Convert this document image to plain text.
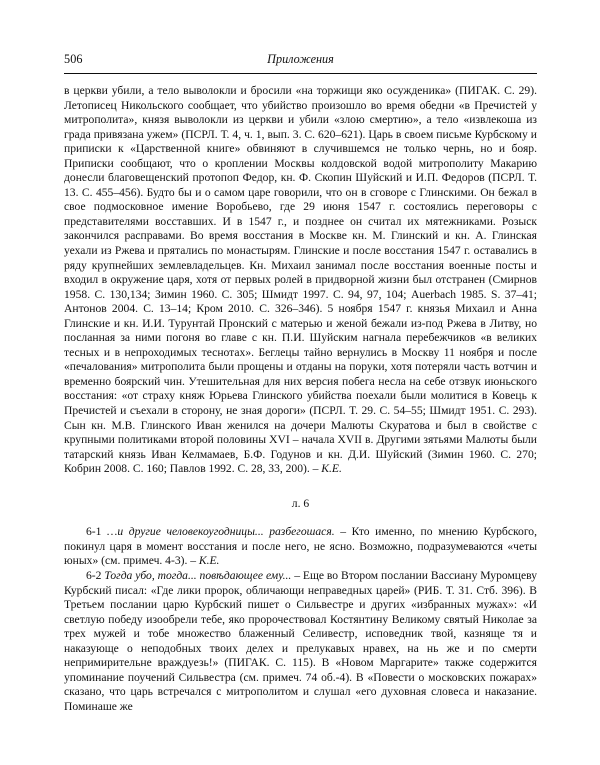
506	Приложения

в церкви убили, а тело выволокли и бросили «на торжищи яко осужденика» (ПИГАК. С. 29). Летописец Никольского сообщает, что убийство произошло во время обедни «в Пречистей у митрополита», князя выволокли из церкви и убили «злою смертию», а тело «извлекоша из града привязана ужем» (ПСРЛ. Т. 4, ч. 1, вып. 3. С. 620–621). Царь в своем письме Курбскому и приписки к «Царственной книге» обвиняют в случившемся не только чернь, но и бояр. Приписки сообщают, что о кроплении Москвы колдовской водой митрополиту Макарию донесли благовещенский протопоп Федор, кн. Ф. Скопин Шуйский и И.П. Федоров (ПСРЛ. Т. 13. С. 455–456). Будто бы и о самом царе говорили, что он в сговоре с Глинскими. Он бежал в свое подмосковное имение Воробьево, где 29 июня 1547 г. состоялись переговоры с представителями восставших. И в 1547 г., и позднее он считал их мятежниками. Розыск закончился расправами. Во время восстания в Москве кн. М. Глинский и кн. А. Глинская уехали из Ржева и прятались по монастырям. Глинские и после восстания 1547 г. оставались в ряду крупнейших землевладельцев. Кн. Михаил занимал после восстания военные посты и входил в окружение царя, хотя от первых ролей в придворной жизни был отстранен (Смирнов 1958. С. 130,134; Зимин 1960. С. 305; Шмидт 1997. С. 94, 97, 104; Auerbach 1985. S. 37–41; Антонов 2004. С. 13–14; Кром 2010. С. 326–346). 5 ноября 1547 г. князья Михаил и Анна Глинские и кн. И.И. Турунтай Пронский с матерью и женой бежали из-под Ржева в Литву, но посланная за ними погоня во главе с кн. П.И. Шуйским нагнала перебежчиков «в великих тесных и в непроходимых теснотах». Беглецы тайно вернулись в Москву 11 ноября и после «печалования» митрополита были прощены и отданы на поруки, хотя потеряли часть вотчин и временно боярский чин. Утешительная для них версия побега несла на себе отзвук июньского восстания: «от страху княж Юрьева Глинского убийства поехали были молитися в Ковець к Пречистей и съехали в сторону, не зная дороги» (ПСРЛ. Т. 29. С. 54–55; Шмидт 1951. С. 293). Сын кн. М.В. Глинского Иван женился на дочери Малюты Скуратова и был в свойстве с крупными политиками второй половины XVI – начала XVII в. Другими зятьями Малюты были татарский князь Иван Келмамаев, Б.Ф. Годунов и кн. Д.И. Шуйский (Зимин 1960. С. 270; Кобрин 2008. С. 160; Павлов 1992. С. 28, 33, 200). – К.Е.

л. 6

6-1 …и другие человекоугодницы... разбегошася. – Кто именно, по мнению Курбского, покинул царя в момент восстания и после него, не ясно. Возможно, подразумеваются «четы юных» (см. примеч. 4-3). – К.Е.

6-2 Тогда убо, тогда... повѣдающее ему... – Еще во Втором послании Вассиану Муромцеву Курбский писал: «Где лики пророк, обличающи неправедных царей» (РИБ. Т. 31. Стб. 396). В Третьем послании царю Курбский пишет о Сильвестре и других «избранных мужах»: «И светлую победу изообрели тебе, яко пророчествовал Костянтину Великому святый Николае за трех мужей и тобе множество блаженный Селивестр, исповедник твой, казняще тя и наказующе о неподобных твоих делех и прелукавых нравех, на нь же и по смерти непримирительне враждуезь!» (ПИГАК. С. 115). В «Новом Маргарите» также содержится упоминание поучений Сильвестра (см. примеч. 74 об.-4). В «Повести о московских пожарах» сказано, что царь встречался с митрополитом и слушал «его духовная словеса и наказание. Поминаше же
